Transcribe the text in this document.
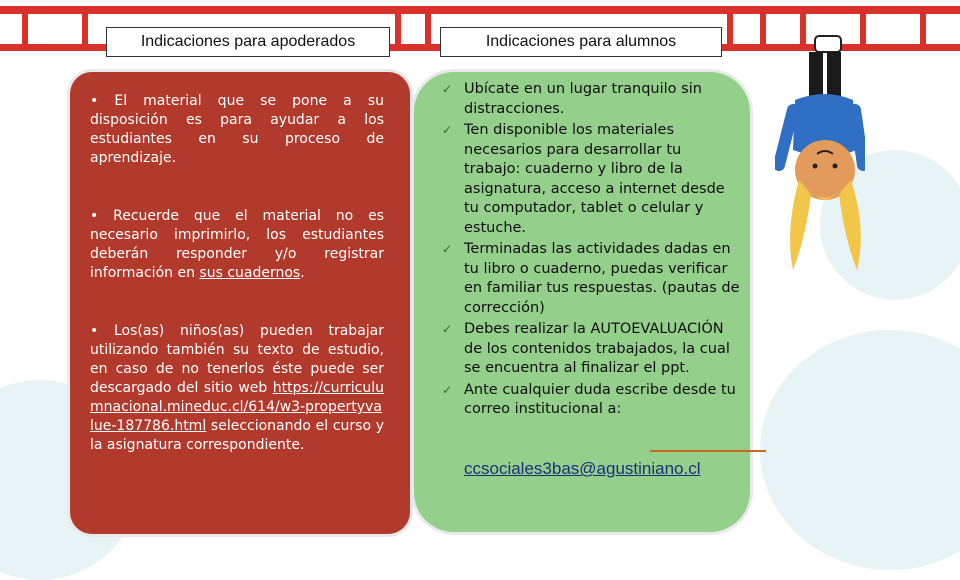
Indicaciones para apoderados	Indicaciones para alumnos

• El material que se pone a su disposición es para ayudar a los estudiantes en su proceso de aprendizaje.

• Recuerde que el material no es necesario imprimirlo, los estudiantes deberán responder y/o registrar información en sus cuadernos.

• Los(as) niños(as) pueden trabajar utilizando también su texto de estudio, en caso de no tenerlos éste puede ser descargado del sitio web https://curriculumnacional.mineduc.cl/614/w3-propertyvalue-187786.html seleccionando el curso y la asignatura correspondiente.

✓ Ubícate en un lugar tranquilo sin distracciones.
✓ Ten disponible los materiales necesarios para desarrollar tu trabajo: cuaderno y libro de la asignatura, acceso a internet desde tu computador, tablet o celular y estuche.
✓ Terminadas las actividades dadas en tu libro o cuaderno, puedas verificar en familiar tus respuestas. (pautas de corrección)
✓ Debes realizar la AUTOEVALUACIÓN de los contenidos trabajados, la cual se encuentra al finalizar el ppt.
✓ Ante cualquier duda escribe desde tu correo institucional a:
ccsociales3bas@agustiniano.cl
